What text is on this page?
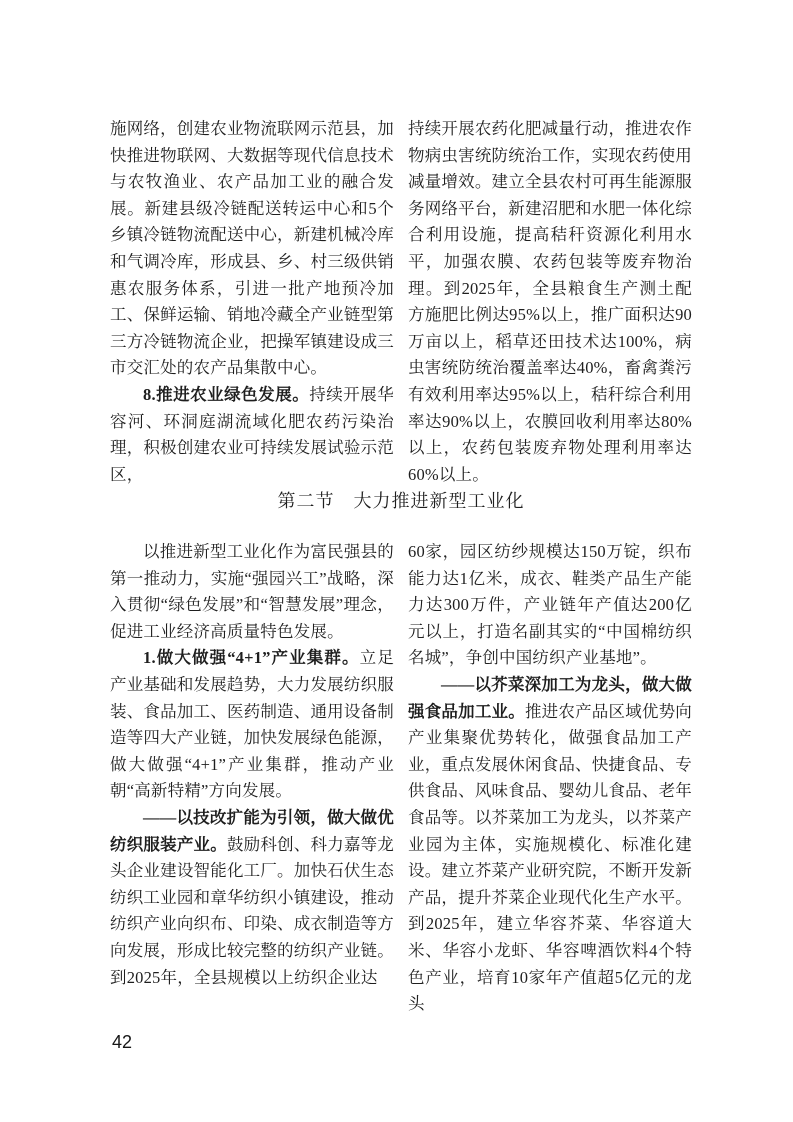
施网络，创建农业物流联网示范县，加快推进物联网、大数据等现代信息技术与农牧渔业、农产品加工业的融合发展。新建县级冷链配送转运中心和5个乡镇冷链物流配送中心，新建机械冷库和气调冷库，形成县、乡、村三级供销惠农服务体系，引进一批产地预冷加工、保鲜运输、销地冷藏全产业链型第三方冷链物流企业，把操军镇建设成三市交汇处的农产品集散中心。

8.推进农业绿色发展。持续开展华容河、环洞庭湖流域化肥农药污染治理，积极创建农业可持续发展试验示范区，

持续开展农药化肥减量行动，推进农作物病虫害统防统治工作，实现农药使用减量增效。建立全县农村可再生能源服务网络平台，新建沼肥和水肥一体化综合利用设施，提高秸秆资源化利用水平，加强农膜、农药包装等废弃物治理。到2025年，全县粮食生产测土配方施肥比例达95%以上，推广面积达90万亩以上，稻草还田技术达100%，病虫害统防统治覆盖率达40%，畜禽粪污有效利用率达95%以上，秸秆综合利用率达90%以上，农膜回收利用率达80%以上，农药包装废弃物处理利用率达60%以上。

第二节　大力推进新型工业化

以推进新型工业化作为富民强县的第一推动力，实施“强园兴工”战略，深入贯彻“绿色发展”和“智慧发展”理念，促进工业经济高质量特色发展。

1.做大做强“4+1”产业集群。立足产业基础和发展趋势，大力发展纺织服装、食品加工、医药制造、通用设备制造等四大产业链，加快发展绿色能源，做大做强“4+1”产业集群，推动产业朝“高新特精”方向发展。

——以技改扩能为引领，做大做优纺织服装产业。鼓励科创、科力嘉等龙头企业建设智能化工厂。加快石伏生态纺织工业园和章华纺织小镇建设，推动纺织产业向织布、印染、成衣制造等方向发展，形成比较完整的纺织产业链。到2025年，全县规模以上纺织企业达

60家，园区纺纱规模达150万锭，织布能力达1亿米，成衣、鞋类产品生产能力达300万件，产业链年产值达200亿元以上，打造名副其实的“中国棉纺织名城”，争创中国纺织产业基地”。

——以芥菜深加工为龙头，做大做强食品加工业。推进农产品区域优势向产业集聚优势转化，做强食品加工产业，重点发展休闲食品、快捷食品、专供食品、风味食品、婴幼儿食品、老年食品等。以芥菜加工为龙头，以芥菜产业园为主体，实施规模化、标准化建设。建立芥菜产业研究院，不断开发新产品，提升芥菜企业现代化生产水平。到2025年，建立华容芥菜、华容道大米、华容小龙虾、华容啤酒饮料4个特色产业，培育10家年产值超5亿元的龙头

42
